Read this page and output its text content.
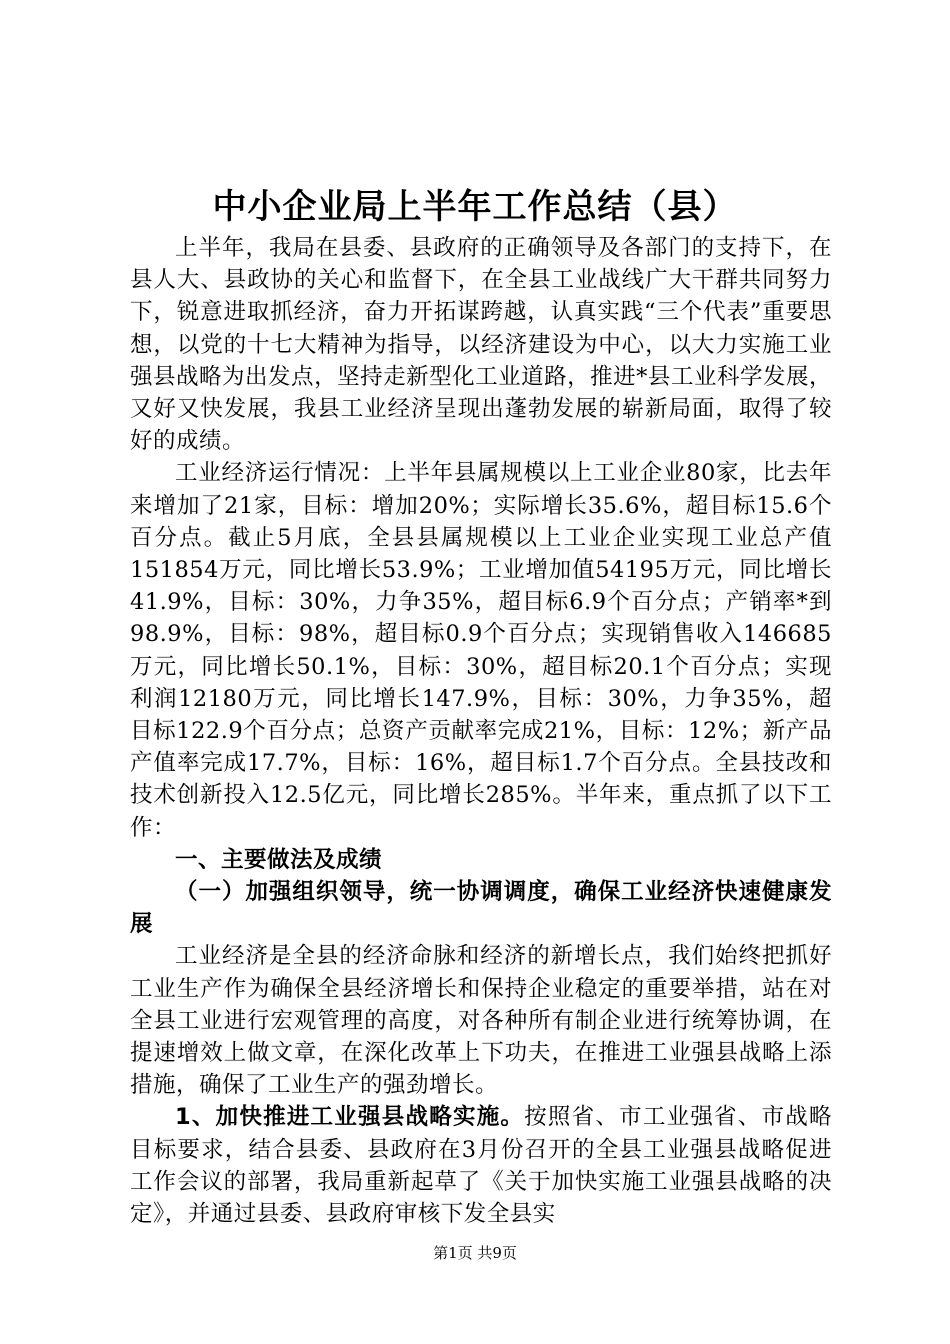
中小企业局上半年工作总结（县）

上半年，我局在县委、县政府的正确领导及各部门的支持下，在县人大、县政协的关心和监督下，在全县工业战线广大干群共同努力下，锐意进取抓经济，奋力开拓谋跨越，认真实践“三个代表”重要思想，以党的十七大精神为指导，以经济建设为中心，以大力实施工业强县战略为出发点，坚持走新型化工业道路，推进*县工业科学发展，又好又快发展，我县工业经济呈现出蓬勃发展的崭新局面，取得了较好的成绩。

工业经济运行情况：上半年县属规模以上工业企业80家，比去年来增加了21家，目标：增加20%；实际增长35.6%，超目标15.6个百分点。截止5月底，全县县属规模以上工业企业实现工业总产值151854万元，同比增长53.9%；工业增加值54195万元，同比增长41.9%，目标：30%，力争35%，超目标6.9个百分点；产销率*到98.9%，目标：98%，超目标0.9个百分点；实现销售收入146685万元，同比增长50.1%，目标：30%，超目标20.1个百分点；实现利润12180万元，同比增长147.9%，目标：30%，力争35%，超目标122.9个百分点；总资产贡献率完成21%，目标：12%；新产品产值率完成17.7%，目标：16%，超目标1.7个百分点。全县技改和技术创新投入12.5亿元，同比增长285%。半年来，重点抓了以下工作：

一、主要做法及成绩

（一）加强组织领导，统一协调调度，确保工业经济快速健康发展

工业经济是全县的经济命脉和经济的新增长点，我们始终把抓好工业生产作为确保全县经济增长和保持企业稳定的重要举措，站在对全县工业进行宏观管理的高度，对各种所有制企业进行统筹协调，在提速增效上做文章，在深化改革上下功夫，在推进工业强县战略上添措施，确保了工业生产的强劲增长。

1、加快推进工业强县战略实施。按照省、市工业强省、市战略目标要求，结合县委、县政府在3月份召开的全县工业强县战略促进工作会议的部署，我局重新起草了《关于加快实施工业强县战略的决定》，并通过县委、县政府审核下发全县实

第1页 共9页
